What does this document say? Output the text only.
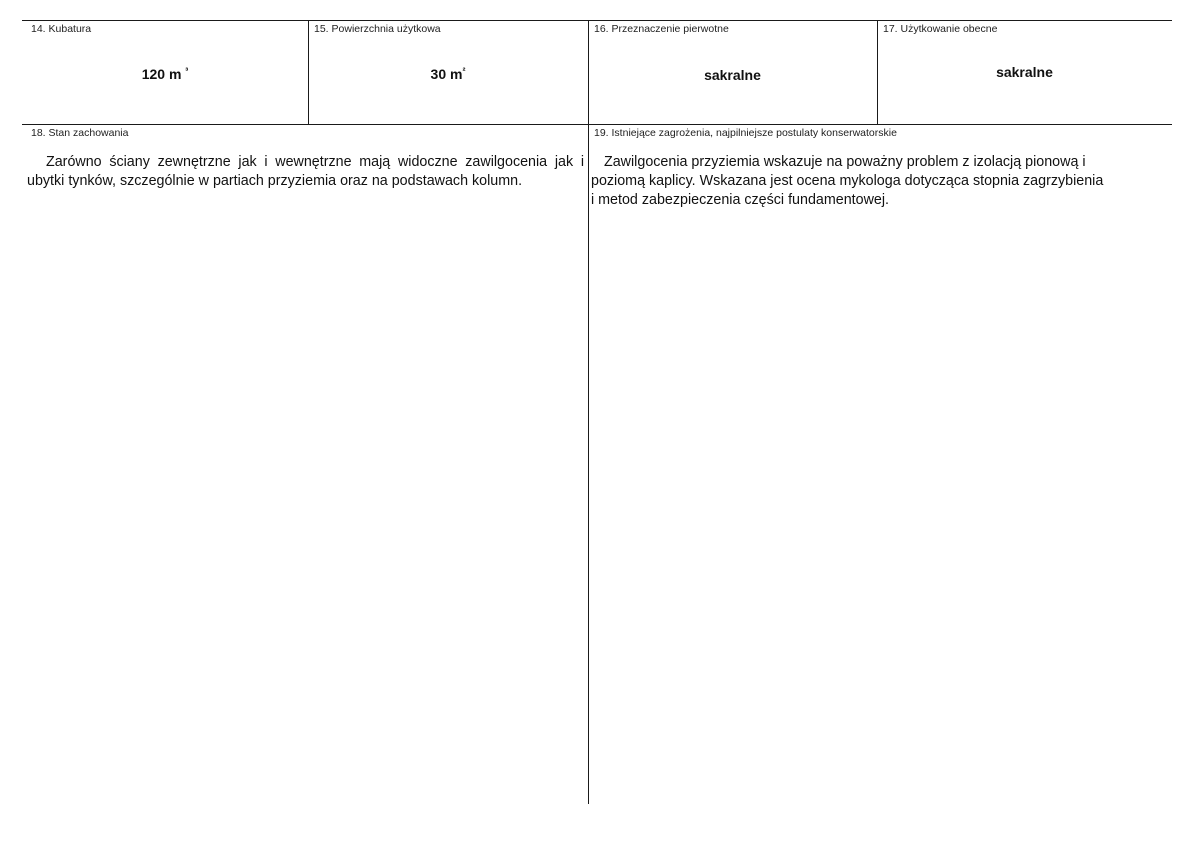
14. Kubatura
120 m $^{^3}$
15. Powierzchnia użytkowa
30 $m^{^2}$
16. Przeznaczenie pierwotne
sakralne
17. Użytkowanie obecne
sakralne
18. Stan zachowania
Zarówno ściany zewnętrzne jak i wewnętrzne mają widoczne zawilgocenia jak i ubytki tynków, szczególnie w partiach przyziemia oraz na podstawach kolumn.
19. Istniejące zagrożenia, najpilniejsze postulaty konserwatorskie
Zawilgocenia przyziemia wskazuje na poważny problem z izolacją pionową i
poziomą kaplicy. Wskazana jest ocena mykologa dotycząca stopnia zagrzybienia
i metod zabezpieczenia części fundamentowej.
